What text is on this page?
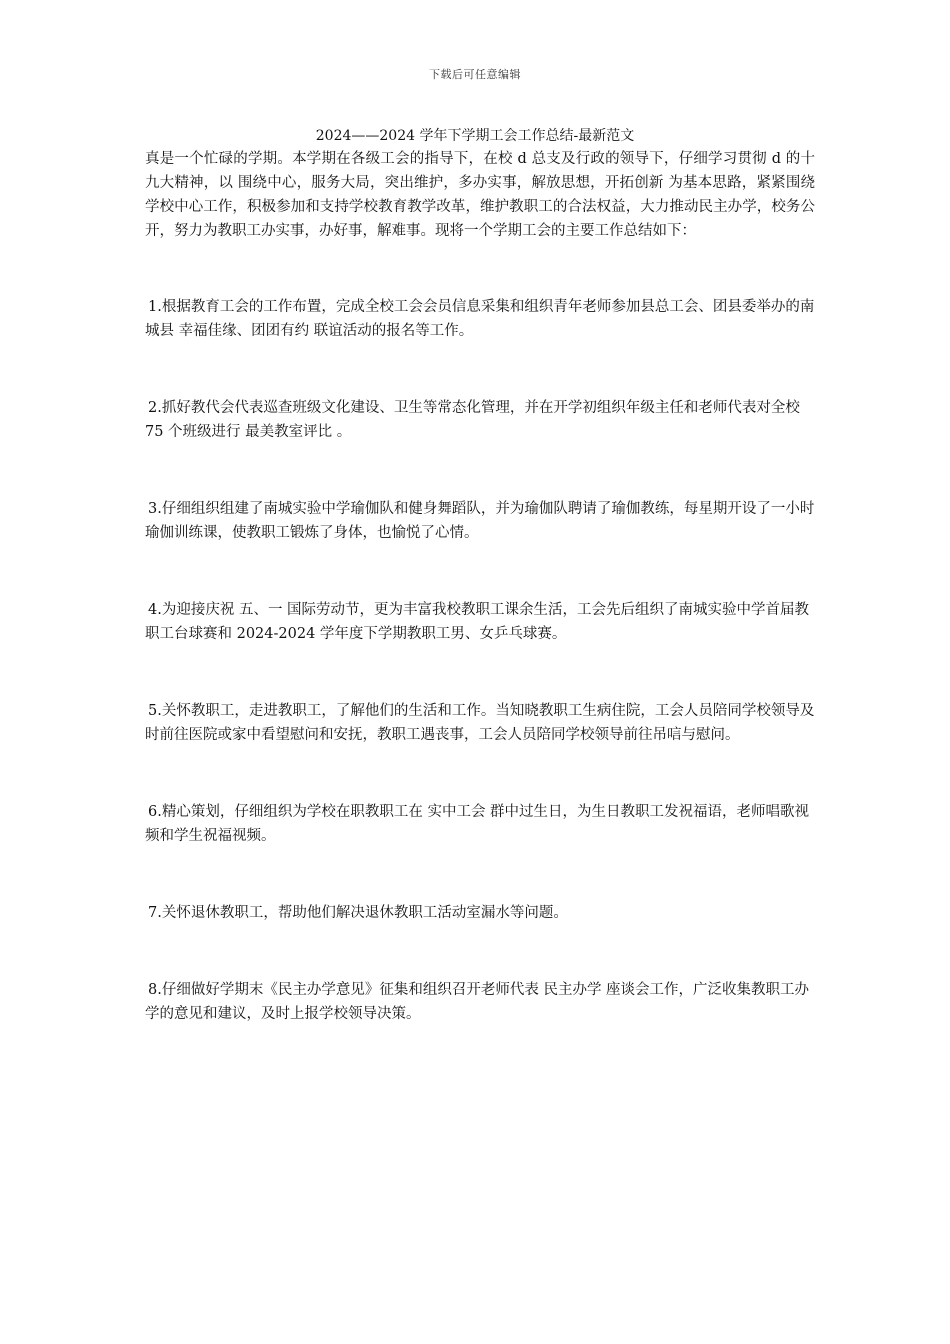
下载后可任意编辑
2024——2024 学年下学期工会工作总结-最新范文

真是一个忙碌的学期。本学期在各级工会的指导下，在校 d 总支及行政的领导下，仔细学习贯彻 d 的十九大精神，以 围绕中心，服务大局，突出维护，多办实事，解放思想，开拓创新 为基本思路，紧紧围绕学校中心工作，积极参加和支持学校教育教学改革，维护教职工的合法权益，大力推动民主办学，校务公开，努力为教职工办实事，办好事，解难事。现将一个学期工会的主要工作总结如下：

1.根据教育工会的工作布置，完成全校工会会员信息采集和组织青年老师参加县总工会、团县委举办的南城县 幸福佳缘、团团有约 联谊活动的报名等工作。

2.抓好教代会代表巡查班级文化建设、卫生等常态化管理，并在开学初组织年级主任和老师代表对全校 75 个班级进行 最美教室评比 。

3.仔细组织组建了南城实验中学瑜伽队和健身舞蹈队，并为瑜伽队聘请了瑜伽教练，每星期开设了一小时瑜伽训练课，使教职工锻炼了身体，也愉悦了心情。

4.为迎接庆祝 五、一 国际劳动节，更为丰富我校教职工课余生活，工会先后组织了南城实验中学首届教职工台球赛和 2024-2024 学年度下学期教职工男、女乒乓球赛。

5.关怀教职工，走进教职工，了解他们的生活和工作。当知晓教职工生病住院，工会人员陪同学校领导及时前往医院或家中看望慰问和安抚，教职工遇丧事，工会人员陪同学校领导前往吊唁与慰问。

6.精心策划，仔细组织为学校在职教职工在 实中工会 群中过生日，为生日教职工发祝福语，老师唱歌视频和学生祝福视频。

7.关怀退休教职工，帮助他们解决退休教职工活动室漏水等问题。

8.仔细做好学期末《民主办学意见》征集和组织召开老师代表 民主办学 座谈会工作，广泛收集教职工办学的意见和建议，及时上报学校领导决策。
